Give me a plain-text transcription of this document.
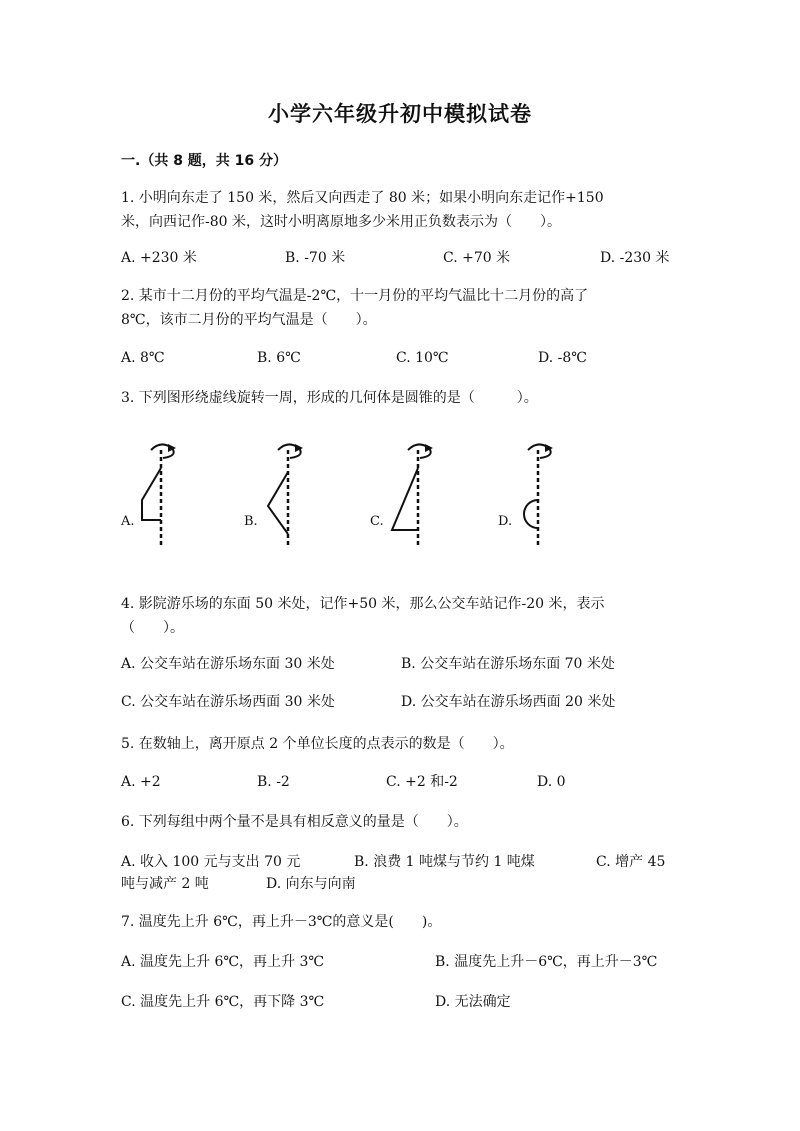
小学六年级升初中模拟试卷
一.（共 8 题，共 16 分）
1. 小明向东走了 150 米，然后又向西走了 80 米；如果小明向东走记作+150
米，向西记作-80 米，这时小明离原地多少米用正负数表示为（　　）。
A. +230 米	B. -70 米	C. +70 米	D. -230 米
2. 某市十二月份的平均气温是-2℃，十一月份的平均气温比十二月份的高了
8℃，该市二月份的平均气温是（　　）。
A. 8℃	B. 6℃	C. 10℃	D. -8℃
3. 下列图形绕虚线旋转一周，形成的几何体是圆锥的是（　　　）。
A.	B.	C.	D.
4. 影院游乐场的东面 50 米处，记作+50 米，那么公交车站记作-20 米，表示
（　　）。
A. 公交车站在游乐场东面 30 米处	B. 公交车站在游乐场东面 70 米处
C. 公交车站在游乐场西面 30 米处	D. 公交车站在游乐场西面 20 米处
5. 在数轴上，离开原点 2 个单位长度的点表示的数是（　　）。
A. +2	B. -2	C. +2 和-2	D. 0
6. 下列每组中两个量不是具有相反意义的量是（　　）。
A. 收入 100 元与支出 70 元	B. 浪费 1 吨煤与节约 1 吨煤	C. 增产 45
吨与减产 2 吨	D. 向东与向南
7. 温度先上升 6℃，再上升－3℃的意义是(　　)。
A. 温度先上升 6℃，再上升 3℃	B. 温度先上升－6℃，再上升－3℃
C. 温度先上升 6℃，再下降 3℃	D. 无法确定
